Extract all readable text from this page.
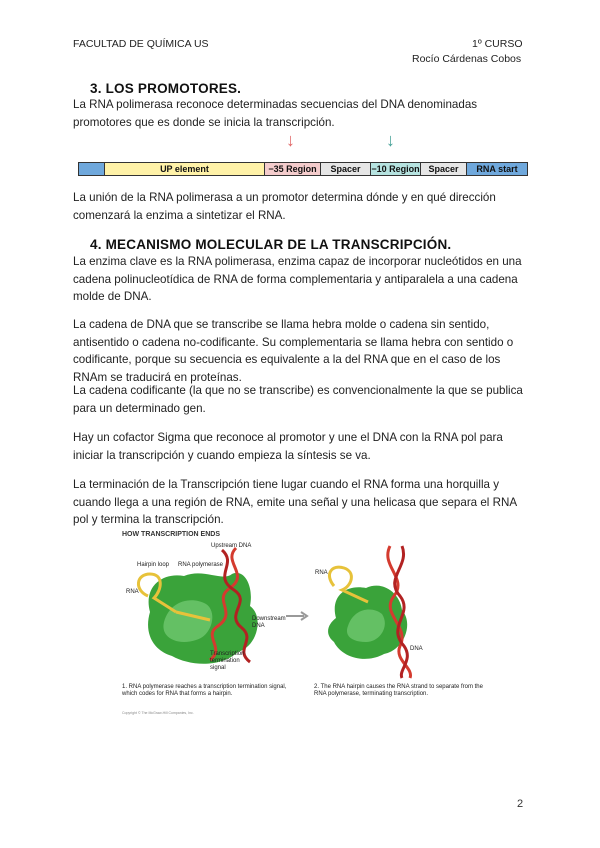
FACULTAD DE QUÍMICA US	1º CURSO
Rocío Cárdenas Cobos
3. LOS PROMOTORES.

La RNA polimerasa reconoce determinadas secuencias del DNA denominadas promotores que es donde se inicia la transcripción.

↓	↓
UP element	−35 Region	Spacer	−10 Region Spacer	RNA start

La unión de la RNA polimerasa a un promotor determina dónde y en qué dirección comenzará la enzima a sintetizar el RNA.

4. MECANISMO MOLECULAR DE LA TRANSCRIPCIÓN.

La enzima clave es la RNA polimerasa, enzima capaz de incorporar nucleótidos en una cadena polinucleotídica de RNA de forma complementaria y antiparalela a una cadena molde de DNA.

La cadena de DNA que se transcribe se llama hebra molde o cadena sin sentido, antisentido o cadena no-codificante. Su complementaria se llama hebra con sentido o codificante, porque su secuencia es equivalente a la del RNA que en el caso de los RNAm se traducirá en proteínas.

La cadena codificante (la que no se transcribe) es convencionalmente la que se publica para un determinado gen.

Hay un cofactor Sigma que reconoce al promotor y une el DNA con la RNA pol para iniciar la transcripción y cuando empieza la síntesis se va.

La terminación de la Transcripción tiene lugar cuando el RNA forma una horquilla y cuando llega a una región de RNA, emite una señal y una helicasa que separa el RNA pol y termina la transcripción.

HOW TRANSCRIPTION ENDS
Upstream DNA
Hairpin loop RNA polymerase
RNA
Downstream DNA
Transcription termination signal
RNA
DNA
1. RNA polymerase reaches a transcription termination signal, which codes for RNA that forms a hairpin.
2. The RNA hairpin causes the RNA strand to separate from the RNA polymerase, terminating transcription.
Copyright © The McGraw-Hill Companies, Inc.
2
